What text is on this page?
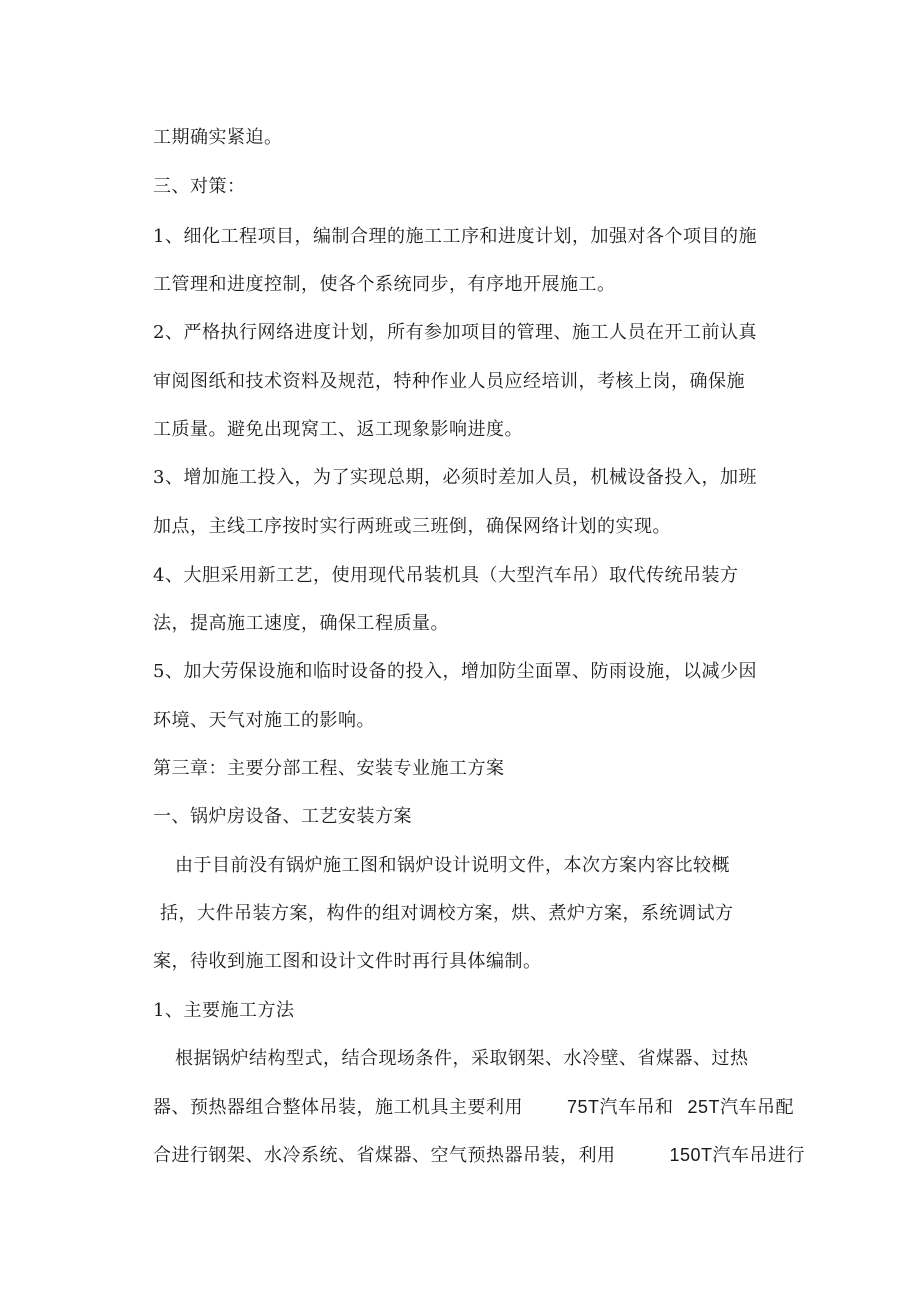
工期确实紧迫。
三、对策：
1、细化工程项目，编制合理的施工工序和进度计划，加强对各个项目的施
工管理和进度控制，使各个系统同步，有序地开展施工。
2、严格执行网络进度计划，所有参加项目的管理、施工人员在开工前认真
审阅图纸和技术资料及规范，特种作业人员应经培训，考核上岗，确保施
工质量。避免出现窝工、返工现象影响进度。
3、增加施工投入，为了实现总期，必须时差加人员，机械设备投入，加班
加点，主线工序按时实行两班或三班倒，确保网络计划的实现。
4、大胆采用新工艺，使用现代吊装机具（大型汽车吊）取代传统吊装方
法，提高施工速度，确保工程质量。
5、加大劳保设施和临时设备的投入，增加防尘面罩、防雨设施，以减少因
环境、天气对施工的影响。
第三章：主要分部工程、安装专业施工方案
一、锅炉房设备、工艺安装方案
由于目前没有锅炉施工图和锅炉设计说明文件，本次方案内容比较概
括，大件吊装方案，构件的组对调校方案，烘、煮炉方案，系统调试方
案，待收到施工图和设计文件时再行具体编制。
1、主要施工方法
根据锅炉结构型式，结合现场条件，采取钢架、水冷壁、省煤器、过热
器、预热器组合整体吊装，施工机具主要利用 75T汽车吊和 25T汽车吊配
合进行钢架、水冷系统、省煤器、空气预热器吊装，利用	150T汽车吊进行
